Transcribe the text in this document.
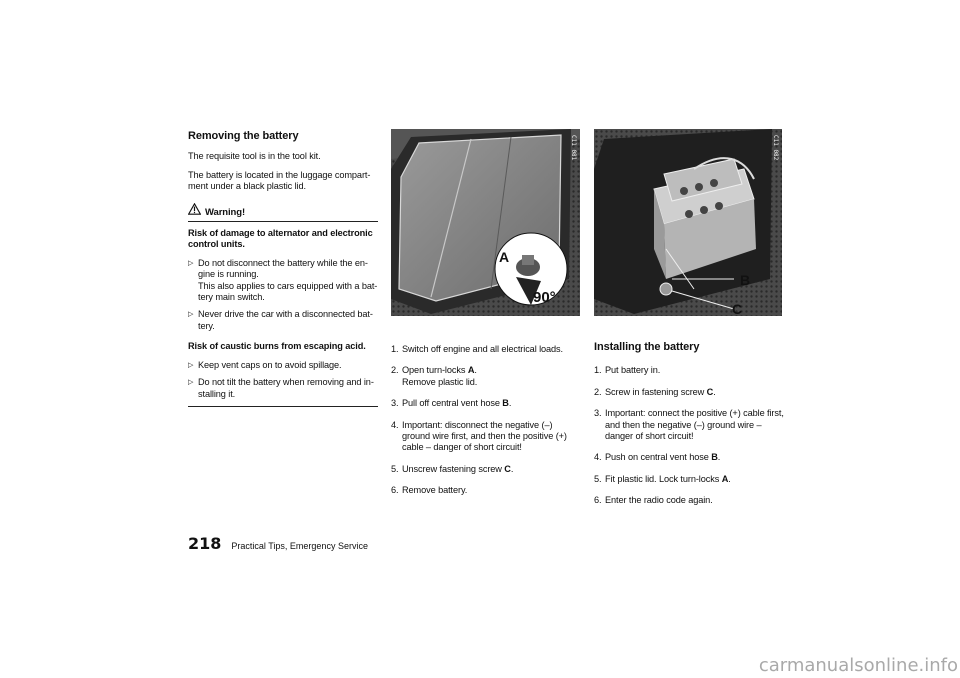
Removing the battery

The requisite tool is in the tool kit.

The battery is located in the luggage compart-ment under a black plastic lid.

Warning!

Risk of damage to alternator and electronic control units.

▷ Do not disconnect the battery while the en-gine is running.
This also applies to cars equipped with a bat-tery main switch.
▷ Never drive the car with a disconnected bat-tery.

Risk of caustic burns from escaping acid.

▷ Keep vent caps on to avoid spillage.
▷ Do not tilt the battery when removing and in-stalling it.
C11 081
A
90°
C11 082
B
C
1. Switch off engine and all electrical loads.
2. Open turn-locks A.
Remove plastic lid.
3. Pull off central vent hose B.
4. Important: disconnect the negative (–) ground wire first, and then the positive (+) cable – danger of short circuit!
5. Unscrew fastening screw C.
6. Remove battery.
Installing the battery
1. Put battery in.
2. Screw in fastening screw C.
3. Important: connect the positive (+) cable first, and then the negative (–) ground wire – danger of short circuit!
4. Push on central vent hose B.
5. Fit plastic lid. Lock turn-locks A.
6. Enter the radio code again.
218 Practical Tips, Emergency Service
carmanualsonline.info
